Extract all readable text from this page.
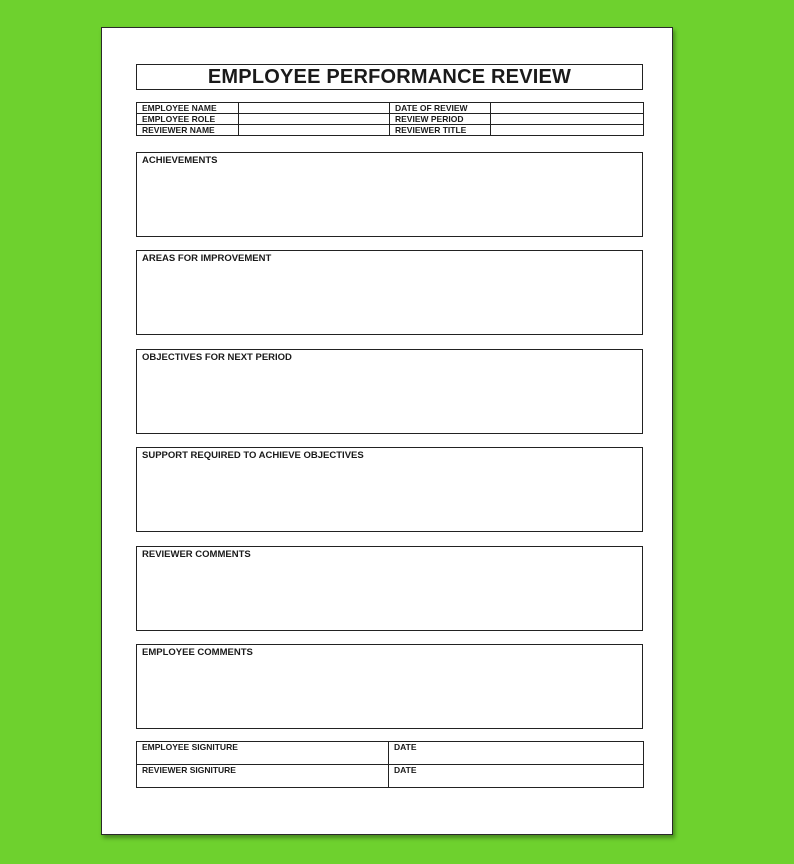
EMPLOYEE PERFORMANCE REVIEW
EMPLOYEE NAME		DATE OF REVIEW	
EMPLOYEE ROLE		REVIEW PERIOD	
REVIEWER NAME		REVIEWER TITLE	
ACHIEVEMENTS
AREAS FOR IMPROVEMENT
OBJECTIVES FOR NEXT PERIOD
SUPPORT REQUIRED TO ACHIEVE OBJECTIVES
REVIEWER COMMENTS
EMPLOYEE COMMENTS
EMPLOYEE SIGNITURE	DATE
REVIEWER SIGNITURE	DATE
